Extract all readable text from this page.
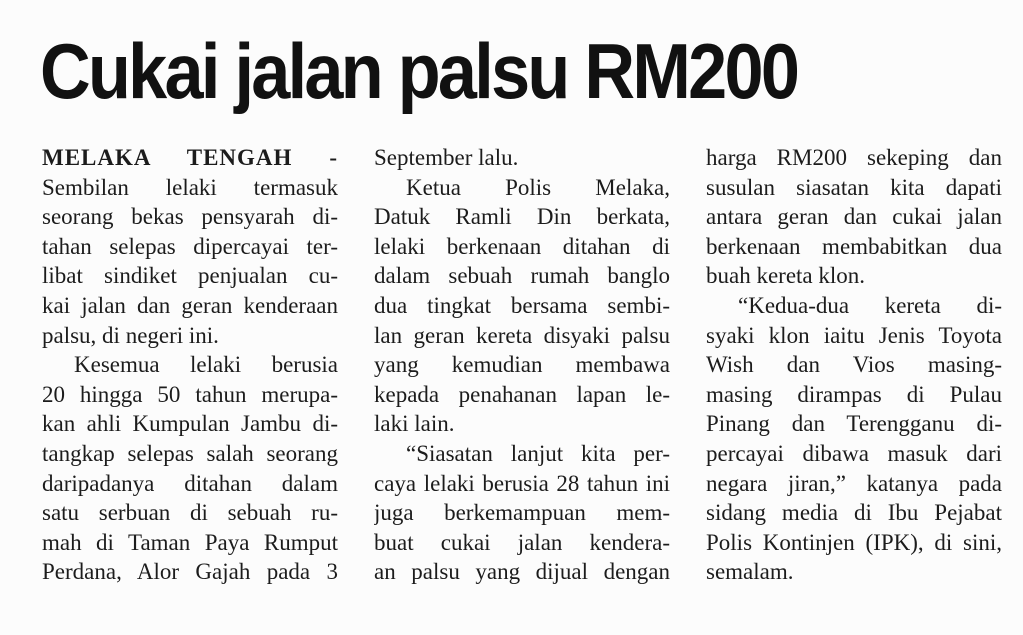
Cukai jalan palsu RM200
MELAKA TENGAH -
Sembilan lelaki termasuk
seorang bekas pensyarah di-
tahan selepas dipercayai ter-
libat sindiket penjualan cu-
kai jalan dan geran kenderaan
palsu, di negeri ini.
Kesemua lelaki berusia
20 hingga 50 tahun merupa-
kan ahli Kumpulan Jambu di-
tangkap selepas salah seorang
daripadanya ditahan dalam
satu serbuan di sebuah ru-
mah di Taman Paya Rumput
Perdana, Alor Gajah pada 3
September lalu.
Ketua Polis Melaka,
Datuk Ramli Din berkata,
lelaki berkenaan ditahan di
dalam sebuah rumah banglo
dua tingkat bersama sembi-
lan geran kereta disyaki palsu
yang kemudian membawa
kepada penahanan lapan le-
laki lain.
“Siasatan lanjut kita per-
caya lelaki berusia 28 tahun ini
juga berkemampuan mem-
buat cukai jalan kendera-
an palsu yang dijual dengan
harga RM200 sekeping dan
susulan siasatan kita dapati
antara geran dan cukai jalan
berkenaan membabitkan dua
buah kereta klon.
“Kedua-dua kereta di-
syaki klon iaitu Jenis Toyota
Wish dan Vios masing-
masing dirampas di Pulau
Pinang dan Terengganu di-
percayai dibawa masuk dari
negara jiran,” katanya pada
sidang media di Ibu Pejabat
Polis Kontinjen (IPK), di sini,
semalam.
